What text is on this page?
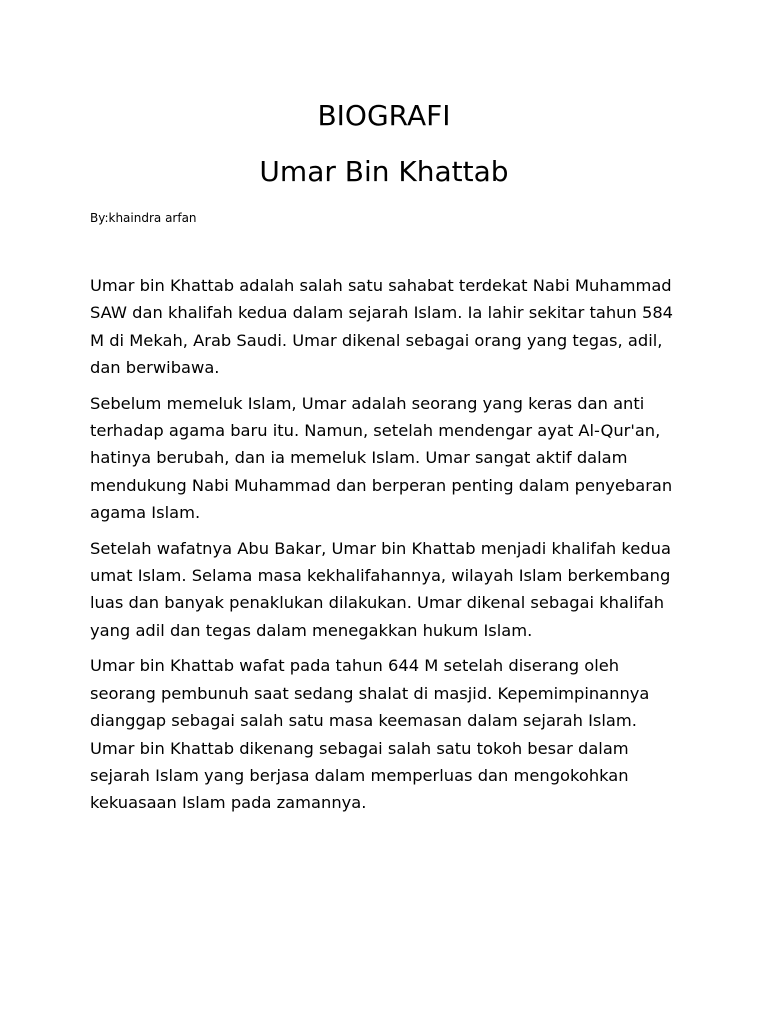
BIOGRAFI
Umar Bin Khattab

By:khaindra arfan

Umar bin Khattab adalah salah satu sahabat terdekat Nabi Muhammad SAW dan khalifah kedua dalam sejarah Islam. Ia lahir sekitar tahun 584 M di Mekah, Arab Saudi. Umar dikenal sebagai orang yang tegas, adil, dan berwibawa.

Sebelum memeluk Islam, Umar adalah seorang yang keras dan anti terhadap agama baru itu. Namun, setelah mendengar ayat Al-Qur'an, hatinya berubah, dan ia memeluk Islam. Umar sangat aktif dalam mendukung Nabi Muhammad dan berperan penting dalam penyebaran agama Islam.

Setelah wafatnya Abu Bakar, Umar bin Khattab menjadi khalifah kedua umat Islam. Selama masa kekhalifahannya, wilayah Islam berkembang luas dan banyak penaklukan dilakukan. Umar dikenal sebagai khalifah yang adil dan tegas dalam menegakkan hukum Islam.

Umar bin Khattab wafat pada tahun 644 M setelah diserang oleh seorang pembunuh saat sedang shalat di masjid. Kepemimpinannya dianggap sebagai salah satu masa keemasan dalam sejarah Islam. Umar bin Khattab dikenang sebagai salah satu tokoh besar dalam sejarah Islam yang berjasa dalam memperluas dan mengokohkan kekuasaan Islam pada zamannya.
